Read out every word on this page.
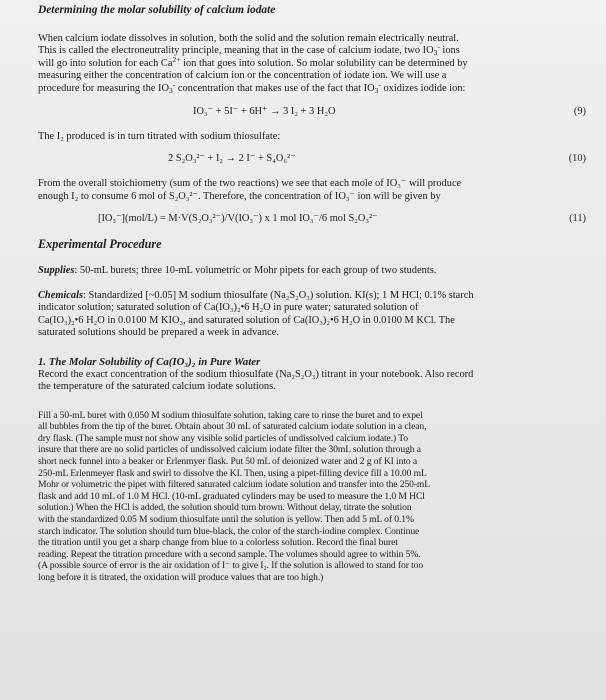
Determining the molar solubility of calcium iodate

When calcium iodate dissolves in solution, both the solid and the solution remain electrically neutral.

This is called the electroneutrality principle, meaning that in the case of calcium iodate, two $IO_3^-$ ions

will go into solution for each $Ca^{2+}$ ion that goes into solution. So molar solubility can be determined by

measuring either the concentration of calcium ion or the concentration of iodate ion. We will use a

procedure for measuring the $IO_3^-$ concentration that makes use of the fact that $IO_3^-$ oxidizes iodide ion:

IO₃⁻ + 5I⁻ + 6H⁺ → 3 I₂ + 3 H₂O	(9)

The I₂ produced is in turn titrated with sodium thiosulfate:

2 S₂O₃²⁻ + I₂ → 2 I⁻ + S₄O₆²⁻	(10)

From the overall stoichiometry (sum of the two reactions) we see that each mole of IO₃⁻ will produce

enough I₂ to consume 6 mol of S₂O₃²⁻. Therefore, the concentration of IO₃⁻ ion will be given by

[IO₃⁻](mol/L) = M·V(S₂O₃²⁻)/V(IO₃⁻) x 1 mol IO₃⁻/6 mol S₂O₃²⁻	(11)
Experimental Procedure

Supplies: 50-mL burets; three 10-mL volumetric or Mohr pipets for each group of two students.

Chemicals: Standardized [~0.05] M sodium thiosulfate (Na₂S₂O₃) solution. KI(s); 1 M HCl; 0.1% starch

indicator solution; saturated solution of Ca(IO₃)₂•6 H₂O in pure water; saturated solution of

Ca(IO₃)₂•6 H₂O in 0.0100 M KIO₃, and saturated solution of Ca(IO₃)₂•6 H₂O in 0.0100 M KCl. The

saturated solutions should be prepared a week in advance.

1. The Molar Solubility of Ca(IO₃)₂ in Pure Water

Record the exact concentration of the sodium thiosulfate (Na₂S₂O₃) titrant in your notebook. Also record

the temperature of the saturated calcium iodate solutions.

Fill a 50-mL buret with 0.050 M sodium thiosulfate solution, taking care to rinse the buret and to expel

all bubbles from the tip of the buret. Obtain about 30 mL of saturated calcium iodate solution in a clean,

dry flask. (The sample must not show any visible solid particles of undissolved calcium iodate.) To

insure that there are no solid particles of undissolved calcium iodate filter the 30mL solution through a

short neck funnel into a beaker or Erlenmyer flask. Put 50 mL of deionized water and 2 g of KI into a

250-mL Erlenmeyer flask and swirl to dissolve the KI. Then, using a pipet-filling device fill a 10.00 mL

Mohr or volumetric the pipet with filtered saturated calcium iodate solution and transfer into the 250-mL

flask and add 10 mL of 1.0 M HCl. (10-mL graduated cylinders may be used to measure the 1.0 M HCl

solution.) When the HCl is added, the solution should turn brown. Without delay, titrate the solution

with the standardized 0.05 M sodium thiosulfate until the solution is yellow. Then add 5 mL of 0.1%

starch indicator. The solution should turn blue-black, the color of the starch-iodine complex. Continue

the titration until you get a sharp change from blue to a colorless solution. Record the final buret

reading. Repeat the titration procedure with a second sample. The volumes should agree to within 5%.

(A possible source of error is the air oxidation of I⁻ to give I₂. If the solution is allowed to stand for too

long before it is titrated, the oxidation will produce values that are too high.)
